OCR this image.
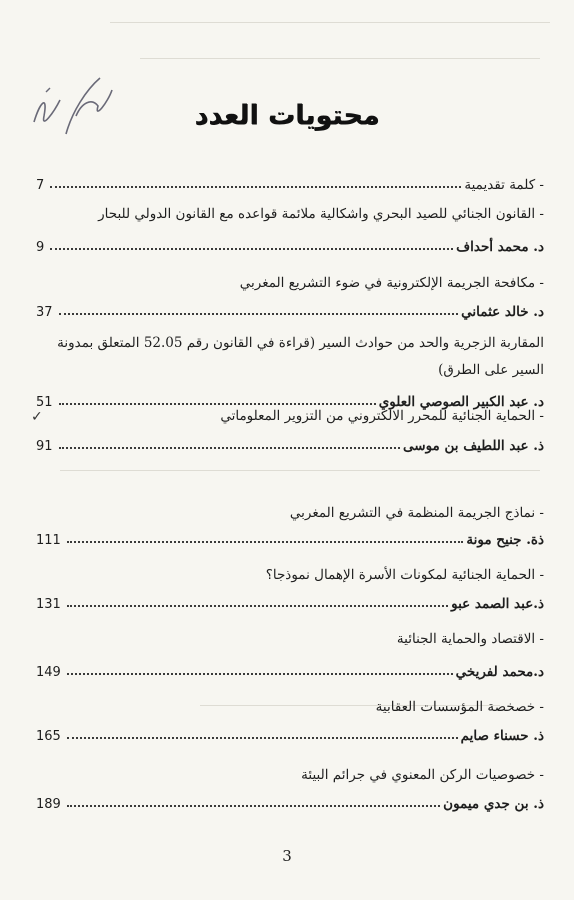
محتويات العدد
- كلمة تقديمية
7
- القانون الجنائي للصيد البحري واشكالية ملائمة قواعده مع القانون الدولي للبحار
د. محمد أحداف
9
- مكافحة الجريمة الإلكترونية في ضوء التشريع المغربي
د. خالد عثماني
37
المقاربة الزجرية والحد من حوادث السير (قراءة في القانون رقم 52.05 المتعلق بمدونة السير على الطرق)
د. عبد الكبير الصوصي العلوي
51
✓	- الحماية الجنائية للمحرر الالكتروني من التزوير المعلوماتي
ذ. عبد اللطيف بن موسى
91
- نماذج الجريمة المنظمة في التشريع المغربي
ذة. جنيح مونة
111
- الحماية الجنائية لمكونات الأسرة الإهمال نموذجا؟
ذ.عبد الصمد عبو
131
- الاقتصاد والحماية الجنائية
د.محمد لفريخي
149
- خصخصة المؤسسات العقابية
ذ. حسناء صايم
165
- خصوصيات الركن المعنوي في جرائم البيئة
ذ. بن جدي ميمون
189
3
